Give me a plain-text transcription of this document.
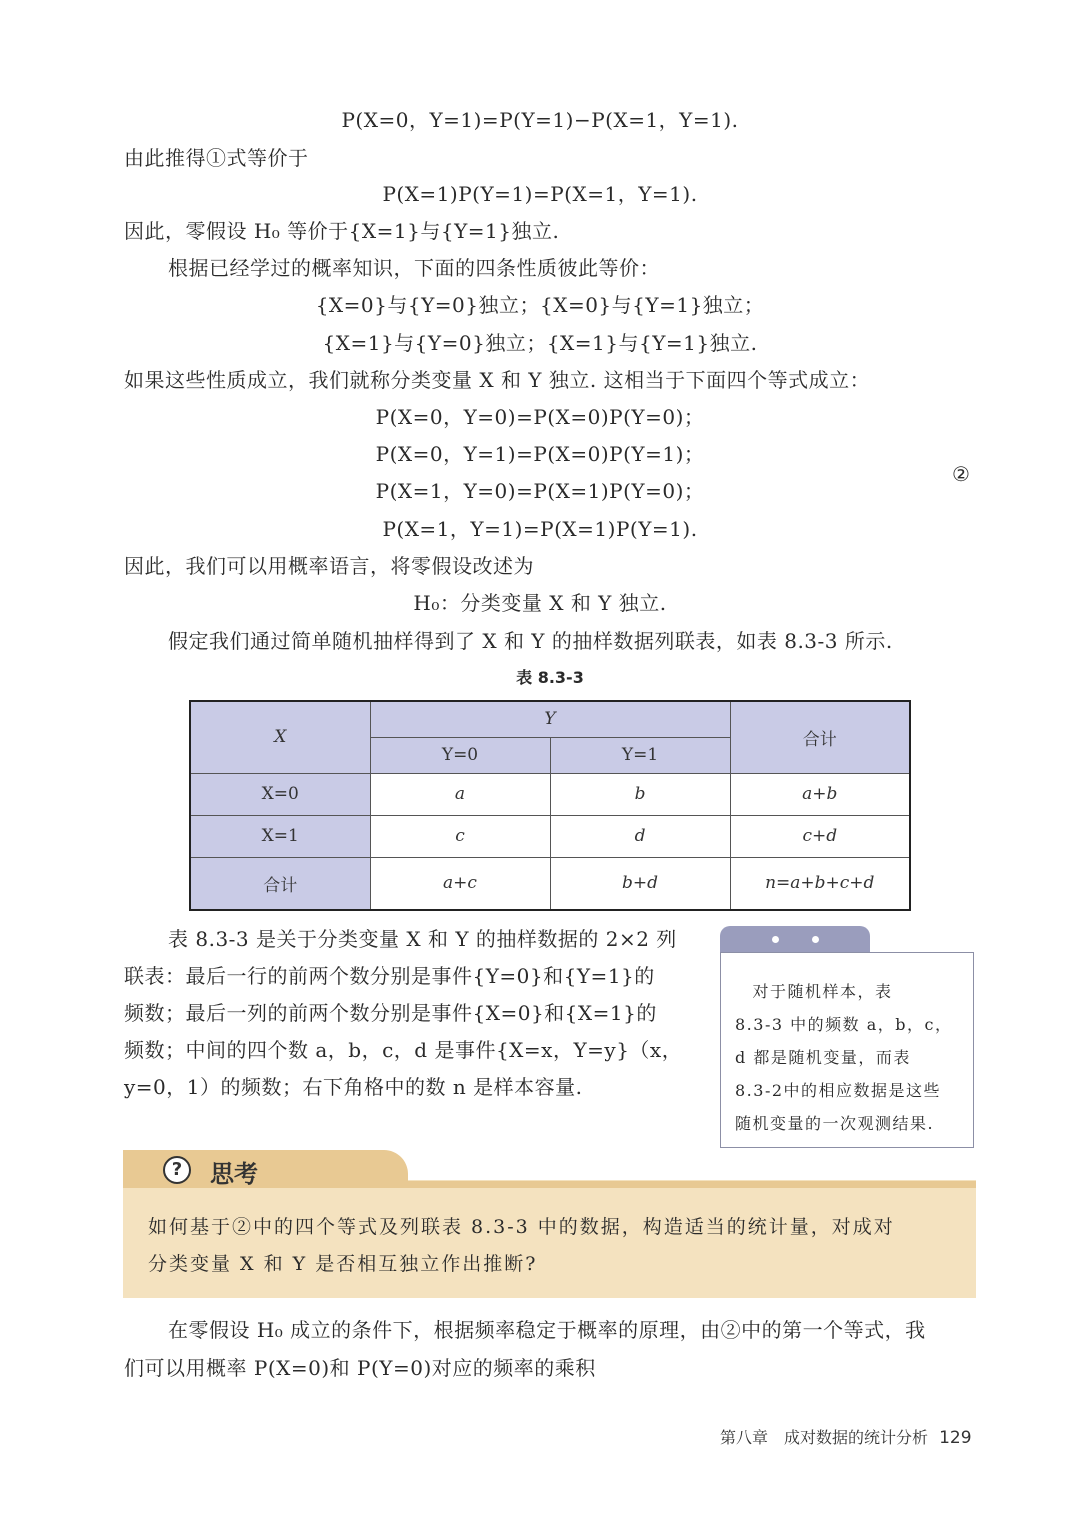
P(X=0，Y=1)=P(Y=1)−P(X=1，Y=1).
由此推得①式等价于
P(X=1)P(Y=1)=P(X=1，Y=1).
因此，零假设 H₀ 等价于{X=1}与{Y=1}独立.
根据已经学过的概率知识，下面的四条性质彼此等价：
{X=0}与{Y=0}独立；{X=0}与{Y=1}独立；
{X=1}与{Y=0}独立；{X=1}与{Y=1}独立.
如果这些性质成立，我们就称分类变量 X 和 Y 独立. 这相当于下面四个等式成立：
P(X=0，Y=0)=P(X=0)P(Y=0)；
P(X=0，Y=1)=P(X=0)P(Y=1)；
P(X=1，Y=0)=P(X=1)P(Y=0)；
P(X=1，Y=1)=P(X=1)P(Y=1).
②
因此，我们可以用概率语言，将零假设改述为
H₀：分类变量 X 和 Y 独立.
假定我们通过简单随机抽样得到了 X 和 Y 的抽样数据列联表，如表 8.3-3 所示.
表 8.3-3
X	Y		合计
	Y=0	Y=1	
X=0	a	b	a+b
X=1	c	d	c+d
合计	a+c	b+d	n=a+b+c+d
表 8.3-3 是关于分类变量 X 和 Y 的抽样数据的 2×2 列
联表：最后一行的前两个数分别是事件{Y=0}和{Y=1}的
频数；最后一列的前两个数分别是事件{X=0}和{X=1}的
频数；中间的四个数 a，b，c，d 是事件{X=x，Y=y}（x，
y=0，1）的频数；右下角格中的数 n 是样本容量.
　对于随机样本，表
8.3-3 中的频数 a，b，c，
d 都是随机变量，而表
8.3-2中的相应数据是这些
随机变量的一次观测结果.
?	思考
如何基于②中的四个等式及列联表 8.3-3 中的数据，构造适当的统计量，对成对
分类变量 X 和 Y 是否相互独立作出推断?
在零假设 H₀ 成立的条件下，根据频率稳定于概率的原理，由②中的第一个等式，我
们可以用概率 P(X=0)和 P(Y=0)对应的频率的乘积
第八章　成对数据的统计分析 129
